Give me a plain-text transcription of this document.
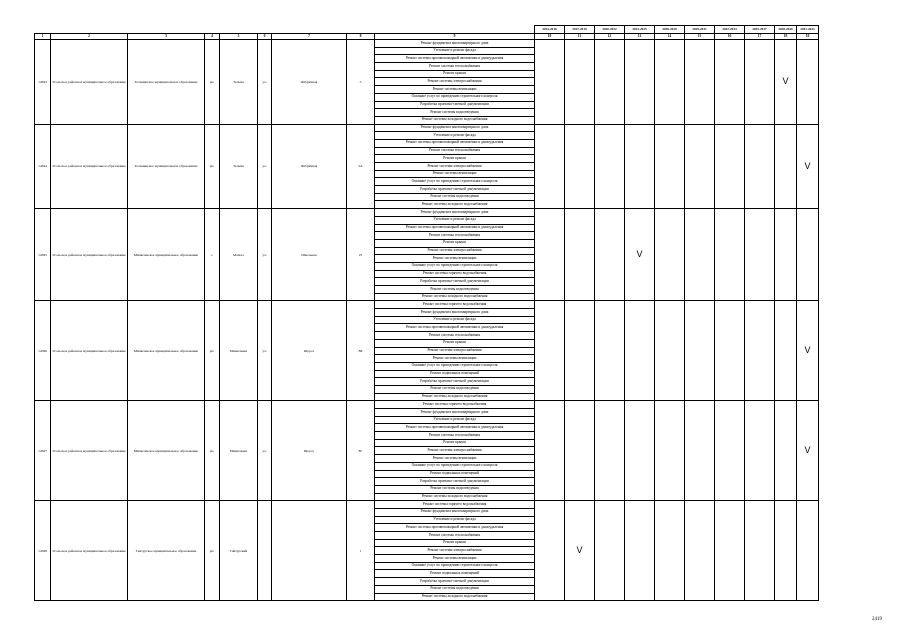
									2014-2016	2017-2019	2020-2022	2023-2025	2026-2028	2029-2031	2032-2034	2035-2037	2038-2040	2041-2043
1	2	3	4	5	6	7	8	9	10	11	12	13	14	15	16	17	18	19
14593	Усольское районное муниципальное образование	Тельминское муниципальное образование	рп.	Тельма	ул.	Фабричная	5	Ремонт фундамента многоквартирного дома									V	
								Утепление и ремонт фасада										
								Ремонт системы противопожарной автоматики и дымоудаления										
								Ремонт системы теплоснабжения										
								Ремонт крыши										
								Ремонт системы электроснабжения										
								Ремонт системы вентиляции										
								Оказание услуг по проведению строительного контроля										
								Разработка проектно-сметной документации										
								Ремонт системы водоотведения										
								Ремонт системы холодного водоснабжения										
14594	Усольское районное муниципальное образование	Тельминское муниципальное образование	рп.	Тельма	ул.	Фабричная	5А	Ремонт фундамента многоквартирного дома										V
								Утепление и ремонт фасада										
								Ремонт системы противопожарной автоматики и дымоудаления										
								Ремонт системы теплоснабжения										
								Ремонт крыши										
								Ремонт системы электроснабжения										
								Ремонт системы вентиляции										
								Оказание услуг по проведению строительного контроля										
								Разработка проектно-сметной документации										
								Ремонт системы водоотведения										
								Ремонт системы холодного водоснабжения										
14595	Усольское районное муниципальное образование	Мишелевское муниципальное образование	с.	Мальта	ул.	Школьная	25	Ремонт фундамента многоквартирного дома				V						
								Утепление и ремонт фасада										
								Ремонт системы противопожарной автоматики и дымоудаления										
								Ремонт системы теплоснабжения										
								Ремонт крыши										
								Ремонт системы электроснабжения										
								Ремонт системы вентиляции										
								Оказание услуг по проведению строительного контроля										
								Ремонт системы горячего водоснабжения										
								Разработка проектно-сметной документации										
								Ремонт системы водоотведения										
								Ремонт системы холодного водоснабжения										
14596	Усольское районное муниципальное образование	Мишелевское муниципальное образование	рп.	Мишелевка	ул.	Щорса	8Б	Ремонт системы горячего водоснабжения										V
								Ремонт фундамента многоквартирного дома										
								Утепление и ремонт фасада										
								Ремонт системы противопожарной автоматики и дымоудаления										
								Ремонт системы теплоснабжения										
								Ремонт крыши										
								Ремонт системы электроснабжения										
								Ремонт системы вентиляции										
								Оказание услуг по проведению строительного контроля										
								Ремонт подвальных помещений										
								Разработка проектно-сметной документации										
								Ремонт системы водоотведения										
								Ремонт системы холодного водоснабжения										
14597	Усольское районное муниципальное образование	Мишелевское муниципальное образование	рп.	Мишелевка	ул.	Щорса	8Г	Ремонт системы горячего водоснабжения										V
								Ремонт фундамента многоквартирного дома										
								Утепление и ремонт фасада										
								Ремонт системы противопожарной автоматики и дымоудаления										
								Ремонт системы теплоснабжения										
								Ремонт крыши										
								Ремонт системы электроснабжения										
								Ремонт системы вентиляции										
								Оказание услуг по проведению строительного контроля										
								Ремонт подвальных помещений										
								Разработка проектно-сметной документации										
								Ремонт системы водоотведения										
								Ремонт системы холодного водоснабжения										
14598	Усольское районное муниципальное образование	Тайтурское муниципальное образование	рп.	Тайтурский			1	Ремонт системы горячего водоснабжения		V								
								Ремонт фундамента многоквартирного дома										
								Утепление и ремонт фасада										
								Ремонт системы противопожарной автоматики и дымоудаления										
								Ремонт системы теплоснабжения										
								Ремонт крыши										
								Ремонт системы электроснабжения										
								Ремонт системы вентиляции										
								Оказание услуг по проведению строительного контроля										
								Ремонт подвальных помещений										
								Разработка проектно-сметной документации										
								Ремонт системы водоотведения										
								Ремонт системы холодного водоснабжения										
2419
